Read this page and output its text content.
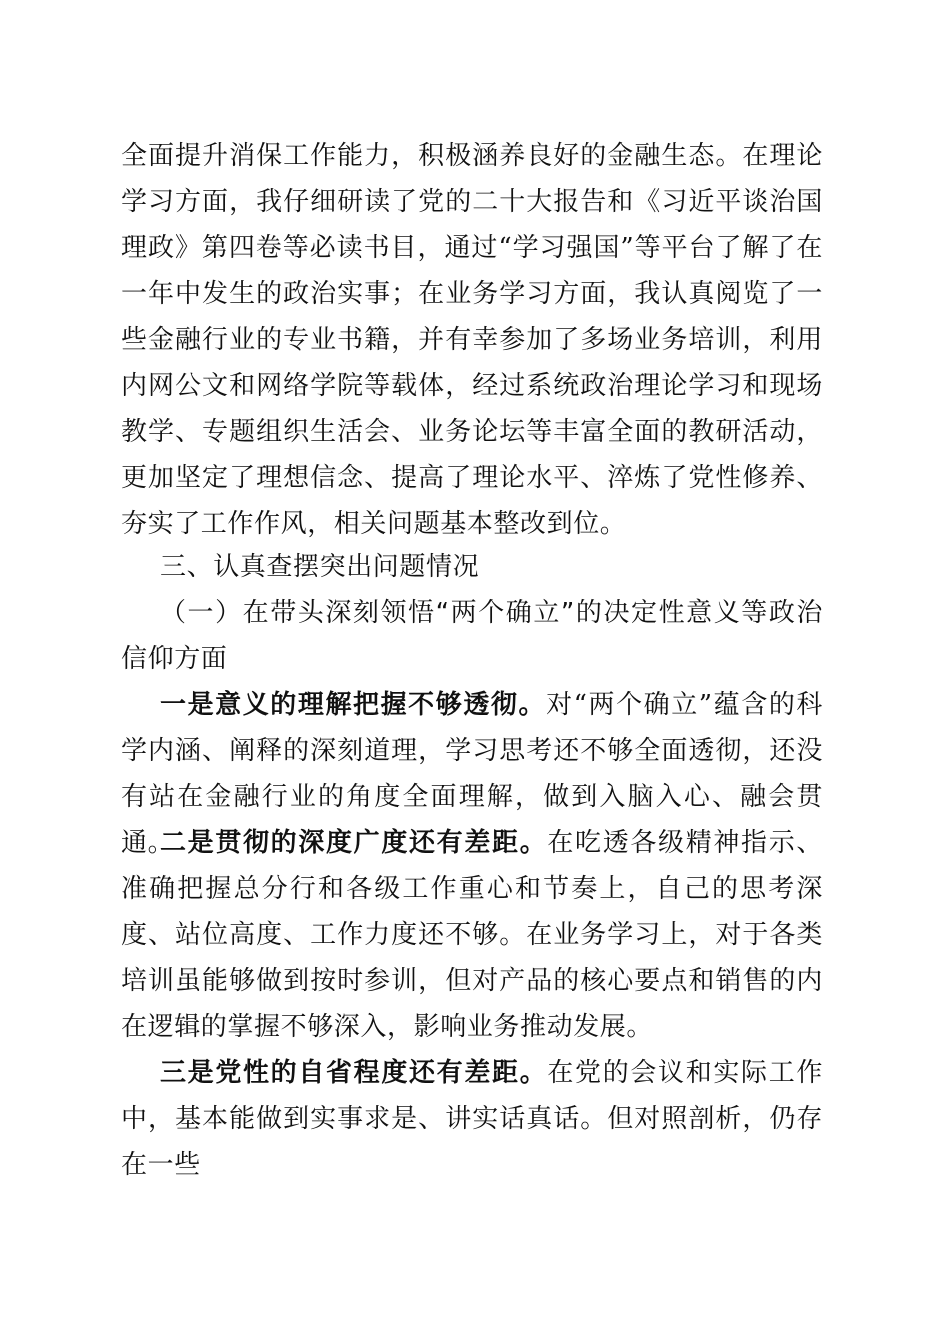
全面提升消保工作能力，积极涵养良好的金融生态。在理论学习方面，我仔细研读了党的二十大报告和《习近平谈治国理政》第四卷等必读书目，通过“学习强国”等平台了解了在一年中发生的政治实事；在业务学习方面，我认真阅览了一些金融行业的专业书籍，并有幸参加了多场业务培训，利用内网公文和网络学院等载体，经过系统政治理论学习和现场教学、专题组织生活会、业务论坛等丰富全面的教研活动，更加坚定了理想信念、提高了理论水平、淬炼了党性修养、夯实了工作作风，相关问题基本整改到位。

三、认真查摆突出问题情况

（一）在带头深刻领悟“两个确立”的决定性意义等政治信仰方面

一是意义的理解把握不够透彻。对“两个确立”蕴含的科学内涵、阐释的深刻道理，学习思考还不够全面透彻，还没有站在金融行业的角度全面理解，做到入脑入心、融会贯通。

二是贯彻的深度广度还有差距。在吃透各级精神指示、准确把握总分行和各级工作重心和节奏上，自己的思考深度、站位高度、工作力度还不够。在业务学习上，对于各类培训虽能够做到按时参训，但对产品的核心要点和销售的内在逻辑的掌握不够深入，影响业务推动发展。

三是党性的自省程度还有差距。在党的会议和实际工作中，基本能做到实事求是、讲实话真话。但对照剖析，仍存在一些
